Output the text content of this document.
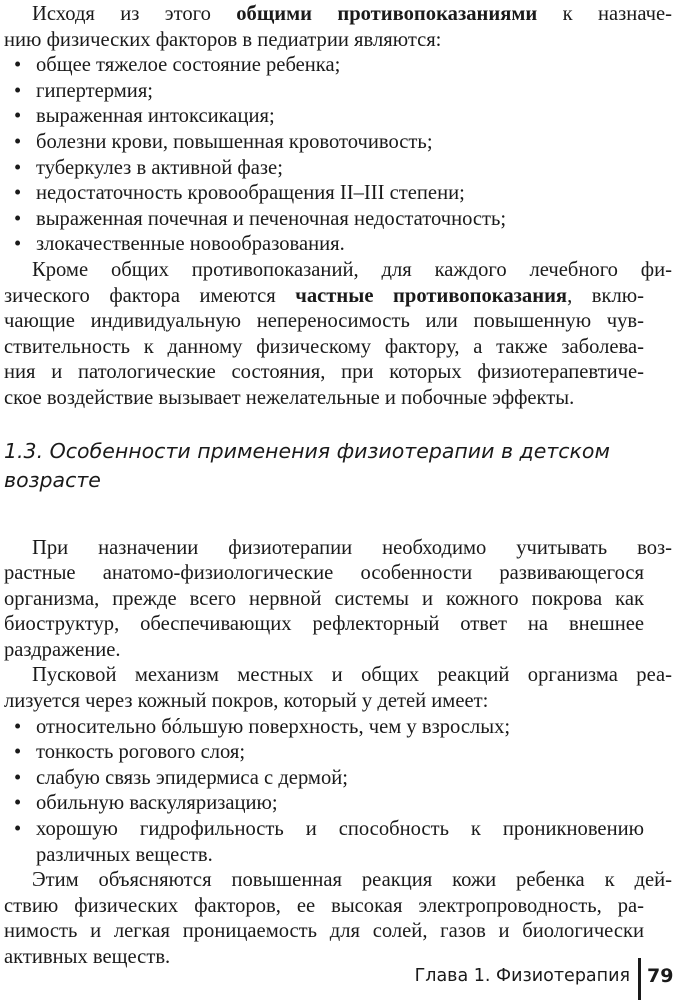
Исходя из этого общими противопоказаниями к назначе-
нию физических факторов в педиатрии являются:
• общее тяжелое состояние ребенка;
• гипертермия;
• выраженная интоксикация;
• болезни крови, повышенная кровоточивость;
• туберкулез в активной фазе;
• недостаточность кровообращения II–III степени;
• выраженная почечная и печеночная недостаточность;
• злокачественные новообразования.
Кроме общих противопоказаний, для каждого лечебного фи-
зического фактора имеются частные противопоказания, вклю-
чающие индивидуальную непереносимость или повышенную чув-
ствительность к данному физическому фактору, а также заболева-
ния и патологические состояния, при которых физиотерапевтиче-
ское воздействие вызывает нежелательные и побочные эффекты.
1.3. Особенности применения физиотерапии в детском
возрасте
При назначении физиотерапии необходимо учитывать воз-
растные анатомо-физиологические особенности развивающегося
организма, прежде всего нервной системы и кожного покрова как
биоструктур, обеспечивающих рефлекторный ответ на внешнее
раздражение.
Пусковой механизм местных и общих реакций организма реа-
лизуется через кожный покров, который у детей имеет:
• относительно бóльшую поверхность, чем у взрослых;
• тонкость рогового слоя;
• слабую связь эпидермиса с дермой;
• обильную васкуляризацию;
• хорошую гидрофильность и способность к проникновению
различных веществ.
Этим объясняются повышенная реакция кожи ребенка к дей-
ствию физических факторов, ее высокая электропроводность, ра-
нимость и легкая проницаемость для солей, газов и биологически
активных веществ.
Глава 1. Физиотерапия 79
